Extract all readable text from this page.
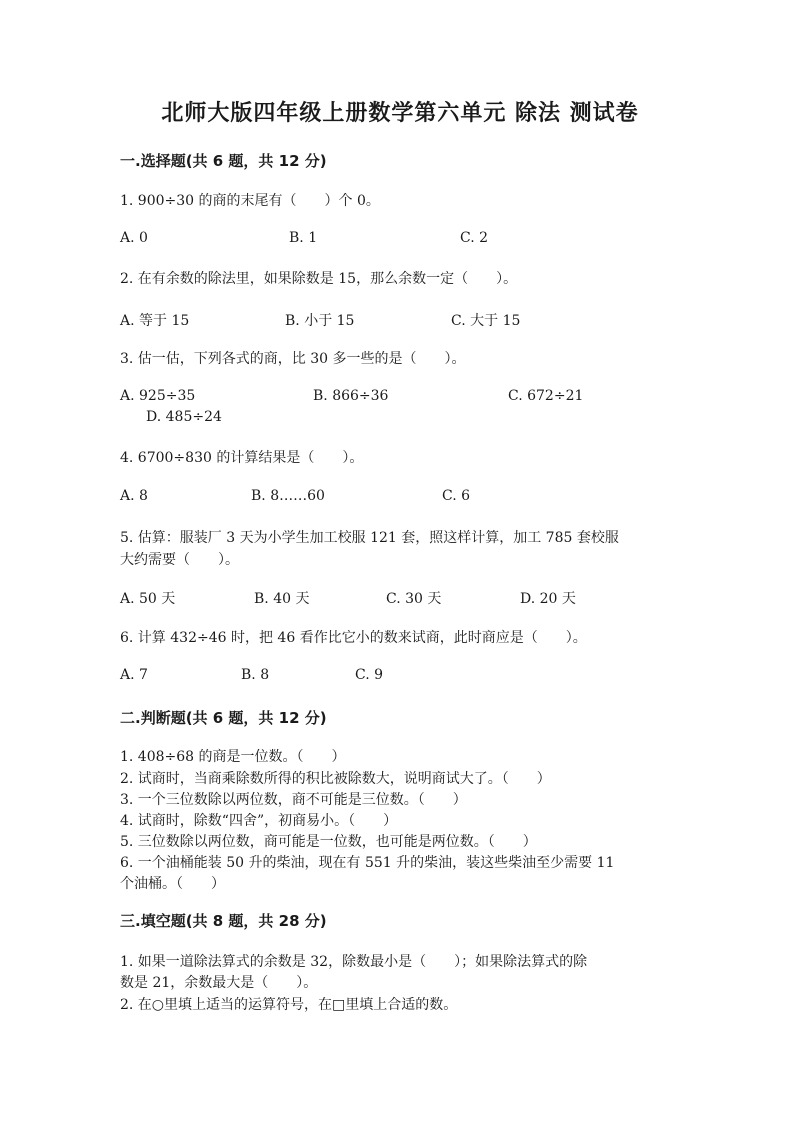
北师大版四年级上册数学第六单元 除法 测试卷
一.选择题(共 6 题，共 12 分)
1. 900÷30 的商的末尾有（　　）个 0。
A. 0	B. 1	C. 2
2. 在有余数的除法里，如果除数是 15，那么余数一定（　　）。
A. 等于 15	B. 小于 15	C. 大于 15
3. 估一估，下列各式的商，比 30 多一些的是（　　）。
A. 925÷35	B. 866÷36	C. 672÷21
D. 485÷24
4. 6700÷830 的计算结果是（　　）。
A. 8	B. 8……60	C. 6
5. 估算：服装厂 3 天为小学生加工校服 121 套，照这样计算，加工 785 套校服
大约需要（　　）。
A. 50 天	B. 40 天	C. 30 天	D. 20 天
6. 计算 432÷46 时，把 46 看作比它小的数来试商，此时商应是（　　）。
A. 7	B. 8	C. 9
二.判断题(共 6 题，共 12 分)
1. 408÷68 的商是一位数。（　　）
2. 试商时，当商乘除数所得的积比被除数大，说明商试大了。（　　）
3. 一个三位数除以两位数，商不可能是三位数。（　　）
4. 试商时，除数“四舍”，初商易小。（　　）
5. 三位数除以两位数，商可能是一位数，也可能是两位数。（　　）
6. 一个油桶能装 50 升的柴油，现在有 551 升的柴油，装这些柴油至少需要 11
个油桶。（　　）
三.填空题(共 8 题，共 28 分)
1. 如果一道除法算式的余数是 32，除数最小是（　　）；如果除法算式的除
数是 21，余数最大是（　　）。
2. 在○里填上适当的运算符号，在□里填上合适的数。
